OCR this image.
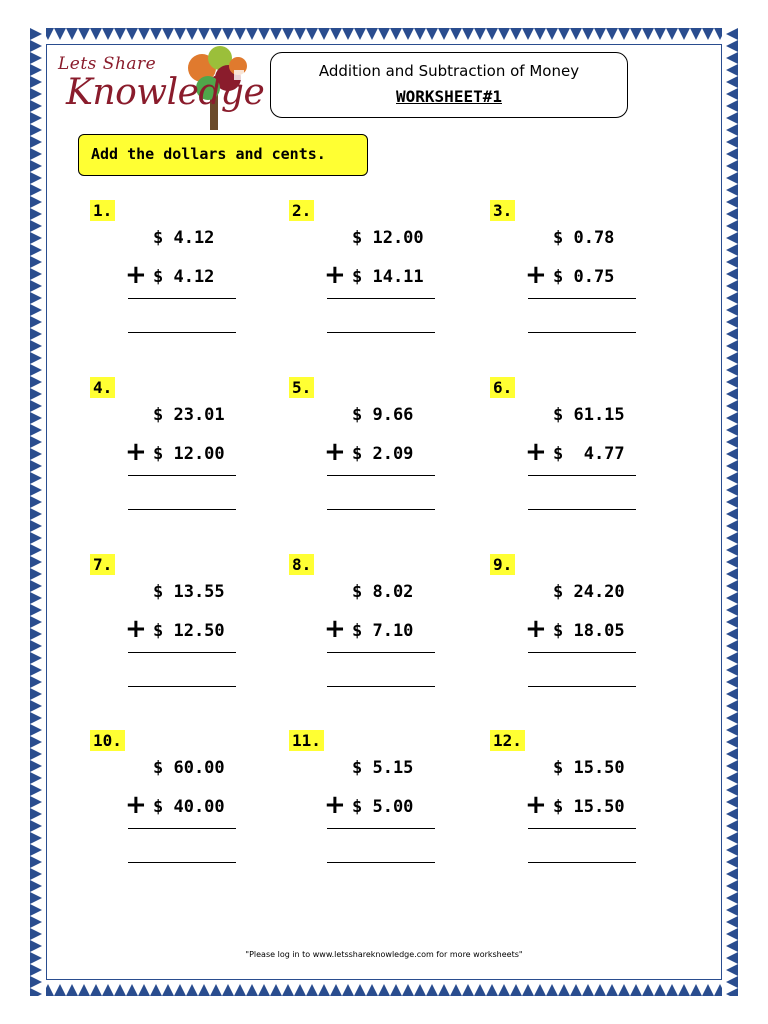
Lets Share
Knowledge
Addition and Subtraction of Money
WORKSHEET#1
Add the dollars and cents.
1.
$ 4.12
+ $ 4.12
2.
$ 12.00
+ $ 14.11
3.
$ 0.78
+ $ 0.75
4.
$ 23.01
+ $ 12.00
5.
$ 9.66
+ $ 2.09
6.
$ 61.15
+ $  4.77
7.
$ 13.55
+ $ 12.50
8.
$ 8.02
+ $ 7.10
9.
$ 24.20
+ $ 18.05
10.
$ 60.00
+ $ 40.00
11.
$ 5.15
+ $ 5.00
12.
$ 15.50
+ $ 15.50
"Please log in to www.letsshareknowledge.com for more worksheets"
